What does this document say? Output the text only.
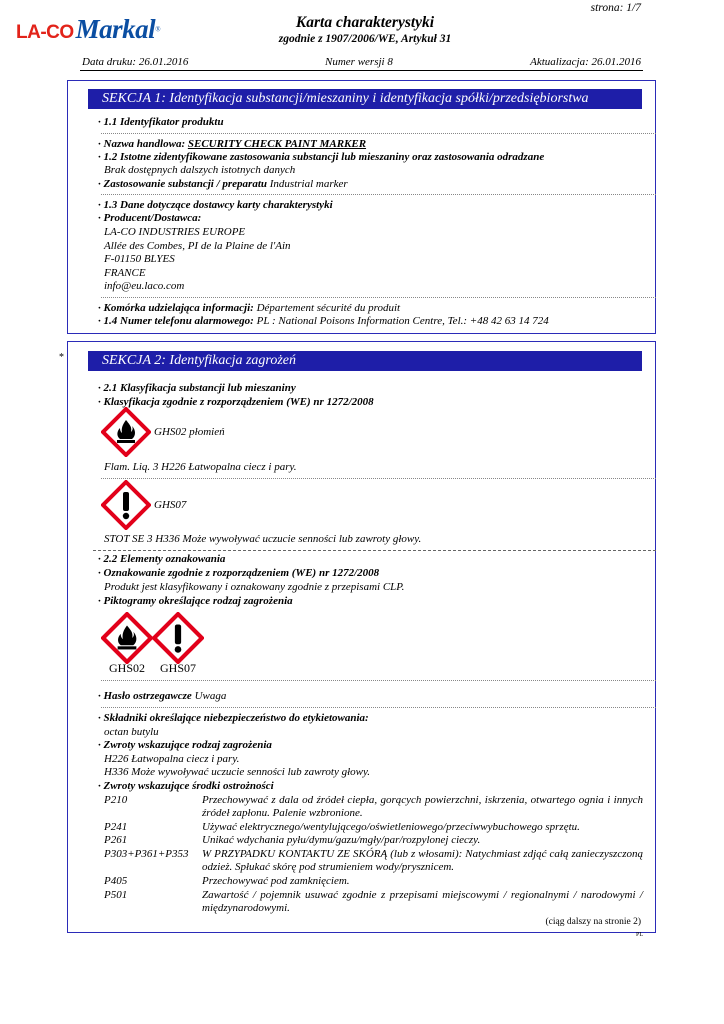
strona: 1/7
LA-COMarkal®	Karta charakterystyki
zgodnie z 1907/2006/WE, Artykuł 31
Data druku: 26.01.2016	Numer wersji 8	Aktualizacja: 26.01.2016
SEKCJA 1: Identyfikacja substancji/mieszaniny i identyfikacja spółki/przedsiębiorstwa
· 1.1 Identyfikator produktu
· Nazwa handlowa: SECURITY CHECK PAINT MARKER
· 1.2 Istotne zidentyfikowane zastosowania substancji lub mieszaniny oraz zastosowania odradzane
Brak dostępnych dalszych istotnych danych
· Zastosowanie substancji / preparatu Industrial marker
· 1.3 Dane dotyczące dostawcy karty charakterystyki
· Producent/Dostawca:
LA-CO INDUSTRIES EUROPE
Allée des Combes, PI de la Plaine de l'Ain
F-01150 BLYES
FRANCE
info@eu.laco.com
· Komórka udzielająca informacji: Département sécurité du produit
· 1.4 Numer telefonu alarmowego: PL : National Poisons Information Centre, Tel.: +48 42 63 14 724
*	SEKCJA 2: Identyfikacja zagrożeń
· 2.1 Klasyfikacja substancji lub mieszaniny
· Klasyfikacja zgodnie z rozporządzeniem (WE) nr 1272/2008
GHS02 płomień
Flam. Liq. 3 H226 Łatwopalna ciecz i pary.
GHS07
STOT SE 3 H336 Może wywoływać uczucie senności lub zawroty głowy.
· 2.2 Elementy oznakowania
· Oznakowanie zgodnie z rozporządzeniem (WE) nr 1272/2008
Produkt jest klasyfikowany i oznakowany zgodnie z przepisami CLP.
· Piktogramy określające rodzaj zagrożenia
GHS02 GHS07
· Hasło ostrzegawcze Uwaga
· Składniki określające niebezpieczeństwo do etykietowania:
octan butylu
· Zwroty wskazujące rodzaj zagrożenia
H226 Łatwopalna ciecz i pary.
H336 Może wywoływać uczucie senności lub zawroty głowy.
· Zwroty wskazujące środki ostrożności
P210	Przechowywać z dala od źródeł ciepła, gorących powierzchni, iskrzenia, otwartego ognia i innych źródeł zapłonu. Palenie wzbronione.
P241	Używać elektrycznego/wentylującego/oświetleniowego/przeciwwybuchowego sprzętu.
P261	Unikać wdychania pyłu/dymu/gazu/mgły/par/rozpylonej cieczy.
P303+P361+P353 W PRZYPADKU KONTAKTU ZE SKÓRĄ (lub z włosami): Natychmiast zdjąć całą zanieczyszczoną odzież. Spłukać skórę pod strumieniem wody/prysznicem.
P405	Przechowywać pod zamknięciem.
P501	Zawartość / pojemnik usuwać zgodnie z przepisami miejscowymi / regionalnymi / narodowymi / międzynarodowymi.
(ciąg dalszy na stronie 2)
PL
